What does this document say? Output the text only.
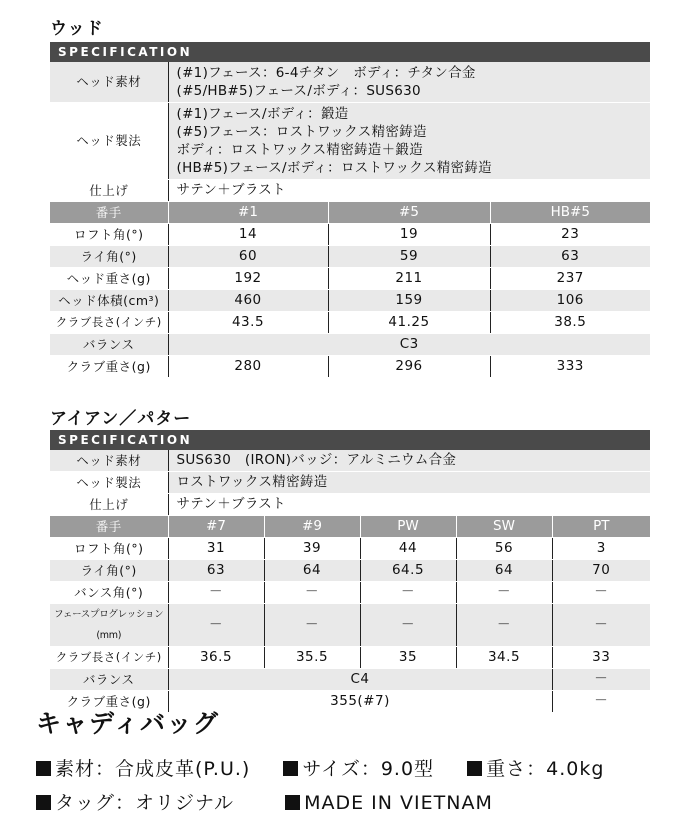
ウッド
SPECIFICATION
ヘッド素材	(#1)フェース：6-4チタン　ボディ：チタン合金
(#5/HB#5)フェース/ボディ：SUS630		

ヘッド製法	(#1)フェース/ボディ：鍛造
(#5)フェース：ロストワックス精密鋳造
ボディ：ロストワックス精密鋳造＋鍛造
(HB#5)フェース/ボディ：ロストワックス精密鋳造		

仕上げ	サテン＋ブラスト		
番手	#1	#5	HB#5
ロフト角(°)	14	19	23
ライ角(°)	60	59	63
ヘッド重さ(g)	192	211	237
ヘッド体積(cm³)	460	159	106
クラブ長さ(インチ)	43.5	41.25	38.5
バランス	C3		
クラブ重さ(g)	280	296	333
アイアン／パター
SPECIFICATION
ヘッド素材	SUS630　(IRON)バッジ：アルミニウム合金				
ヘッド製法	ロストワックス精密鋳造				
仕上げ	サテン＋ブラスト				
番手	#7	#9	PW	SW	PT
ロフト角(°)	31	39	44	56	3
ライ角(°)	63	64	64.5	64	70
バンス角(°)	－	－	－	－	－
フェースプログレッション(mm)	－	－	－	－	－
クラブ長さ(インチ)	36.5	35.5	35	34.5	33
バランス	C4				－
クラブ重さ(g)	355(#7)				－
キャディバッグ
素材：合成皮革(P.U.)	サイズ：9.0型	重さ：4.0kg
タッグ：オリジナル	MADE IN VIETNAM
